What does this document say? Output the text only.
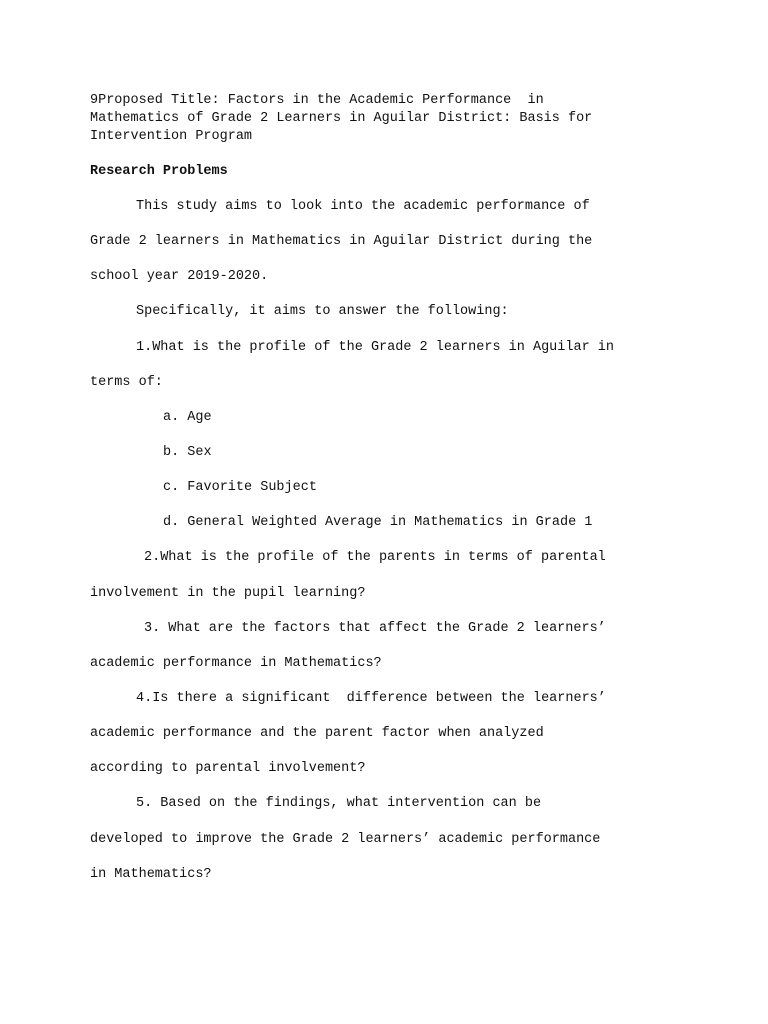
9Proposed Title: Factors in the Academic Performance  in

Mathematics of Grade 2 Learners in Aguilar District: Basis for

Intervention Program

Research Problems

This study aims to look into the academic performance of

Grade 2 learners in Mathematics in Aguilar District during the

school year 2019-2020.

Specifically, it aims to answer the following:

1.What is the profile of the Grade 2 learners in Aguilar in

terms of:

a. Age

b. Sex

c. Favorite Subject

d. General Weighted Average in Mathematics in Grade 1

2.What is the profile of the parents in terms of parental

involvement in the pupil learning?

3. What are the factors that affect the Grade 2 learners’

academic performance in Mathematics?

4.Is there a significant  difference between the learners’

academic performance and the parent factor when analyzed

according to parental involvement?

5. Based on the findings, what intervention can be

developed to improve the Grade 2 learners’ academic performance

in Mathematics?
